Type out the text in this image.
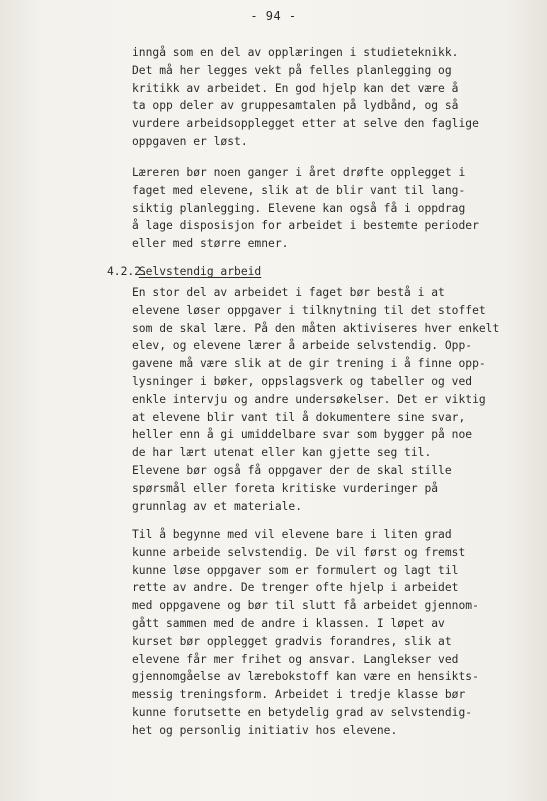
- 94 -
inngå som en del av opplæringen i studieteknikk.
Det må her legges vekt på felles planlegging og
kritikk av arbeidet. En god hjelp kan det være å
ta opp deler av gruppesamtalen på lydbånd, og så
vurdere arbeidsopplegget etter at selve den faglige
oppgaven er løst.
Læreren bør noen ganger i året drøfte opplegget i
faget med elevene, slik at de blir vant til lang-
siktig planlegging. Elevene kan også få i oppdrag
å lage disposisjon for arbeidet i bestemte perioder
eller med større emner.
4.2.2. Selvstendig arbeid
En stor del av arbeidet i faget bør bestå i at
elevene løser oppgaver i tilknytning til det stoffet
som de skal lære. På den måten aktiviseres hver enkelt
elev, og elevene lærer å arbeide selvstendig. Opp-
gavene må være slik at de gir trening i å finne opp-
lysninger i bøker, oppslagsverk og tabeller og ved
enkle intervju og andre undersøkelser. Det er viktig
at elevene blir vant til å dokumentere sine svar,
heller enn å gi umiddelbare svar som bygger på noe
de har lært utenat eller kan gjette seg til.
Elevene bør også få oppgaver der de skal stille
spørsmål eller foreta kritiske vurderinger på
grunnlag av et materiale.
Til å begynne med vil elevene bare i liten grad
kunne arbeide selvstendig. De vil først og fremst
kunne løse oppgaver som er formulert og lagt til
rette av andre. De trenger ofte hjelp i arbeidet
med oppgavene og bør til slutt få arbeidet gjennom-
gått sammen med de andre i klassen. I løpet av
kurset bør opplegget gradvis forandres, slik at
elevene får mer frihet og ansvar. Langlekser ved
gjennomgåelse av lærebokstoff kan være en hensikts-
messig treningsform. Arbeidet i tredje klasse bør
kunne forutsette en betydelig grad av selvstendig-
het og personlig initiativ hos elevene.
